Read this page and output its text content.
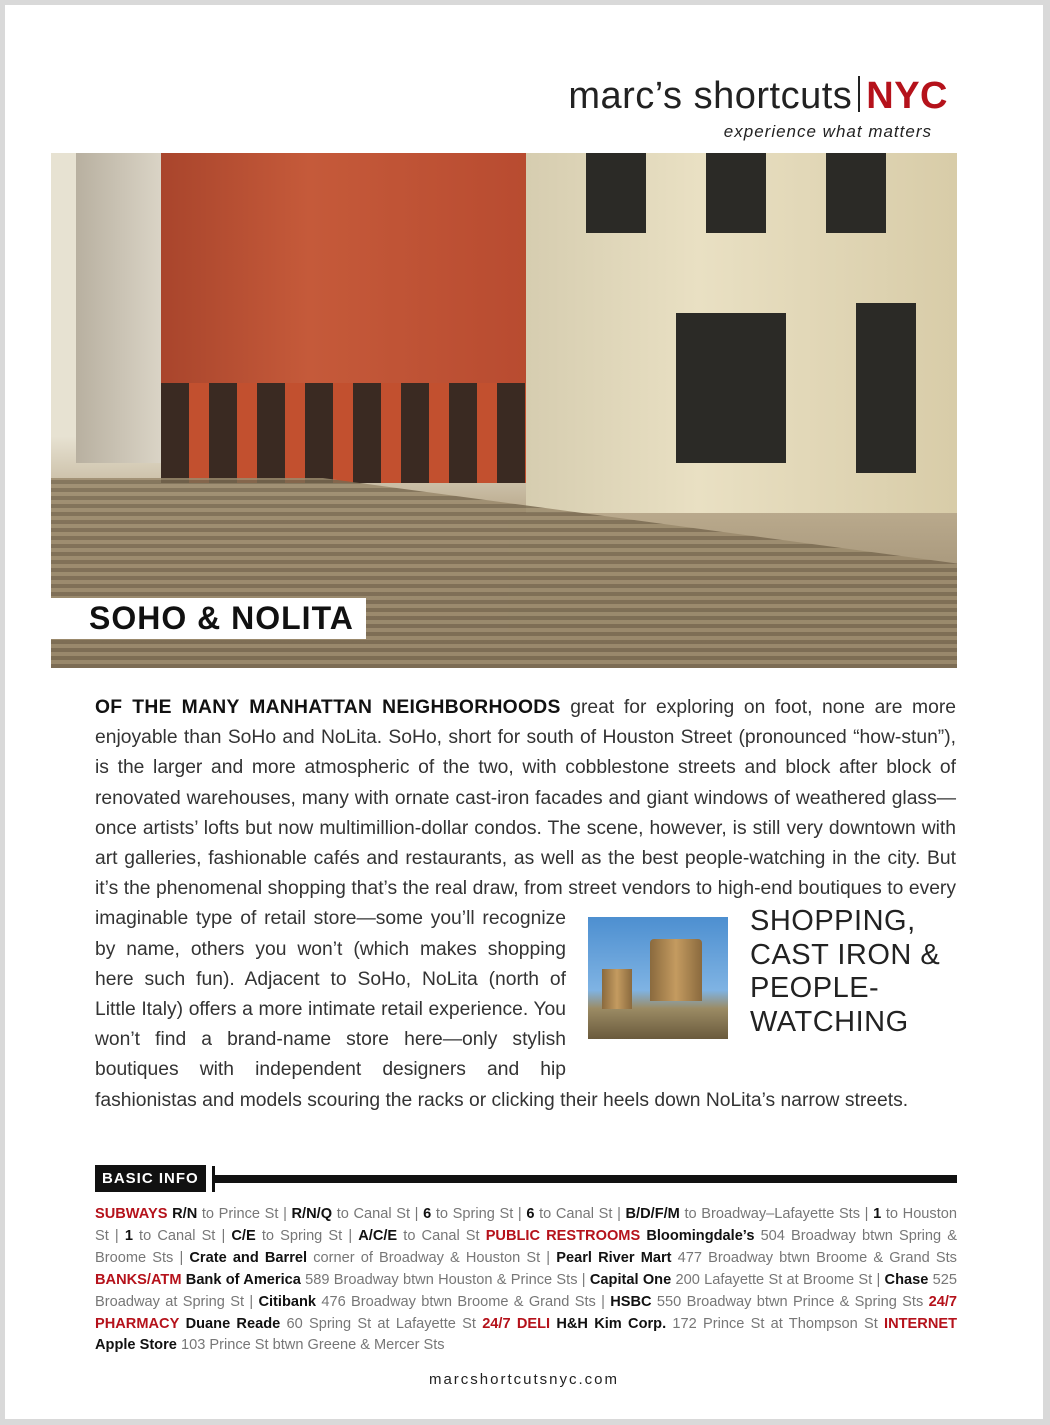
marc’s shortcuts NYC
experience what matters
SOHO & NOLITA
SHOPPING, CAST IRON & PEOPLE-WATCHING
OF THE MANY MANHATTAN NEIGHBORHOODS great for exploring on foot, none are more enjoyable than SoHo and NoLita. SoHo, short for south of Houston Street (pronounced “how-stun”), is the larger and more atmospheric of the two, with cobblestone streets and block after block of renovated warehouses, many with ornate cast-iron facades and giant windows of weathered glass—once artists’ lofts but now multimillion-dollar condos. The scene, however, is still very downtown with art galleries, fashionable cafés and restaurants, as well as the best people-watching in the city. But it’s the phenomenal shopping that’s the real draw, from street vendors to high-end boutiques to every imaginable type of retail store—some you’ll recognize by name, others you won’t (which makes shopping here such fun). Adjacent to SoHo, NoLita (north of Little Italy) offers a more intimate retail experience. You won’t find a brand-name store here—only stylish boutiques with independent designers and hip fashionistas and models scouring the racks or clicking their heels down NoLita’s narrow streets.
BASIC INFO
SUBWAYS R/N to Prince St | R/N/Q to Canal St | 6 to Spring St | 6 to Canal St | B/D/F/M to Broadway–Lafayette Sts | 1 to Houston St | 1 to Canal St | C/E to Spring St | A/C/E to Canal St PUBLIC RESTROOMS Bloomingdale’s 504 Broadway btwn Spring & Broome Sts | Crate and Barrel corner of Broadway & Houston St | Pearl River Mart 477 Broadway btwn Broome & Grand Sts BANKS/ATM Bank of America 589 Broadway btwn Houston & Prince Sts | Capital One 200 Lafayette St at Broome St | Chase 525 Broadway at Spring St | Citibank 476 Broadway btwn Broome & Grand Sts | HSBC 550 Broadway btwn Prince & Spring Sts 24/7 PHARMACY Duane Reade 60 Spring St at Lafayette St 24/7 DELI H&H Kim Corp. 172 Prince St at Thompson St INTERNET Apple Store 103 Prince St btwn Greene & Mercer Sts
marcshortcutsnyc.com
